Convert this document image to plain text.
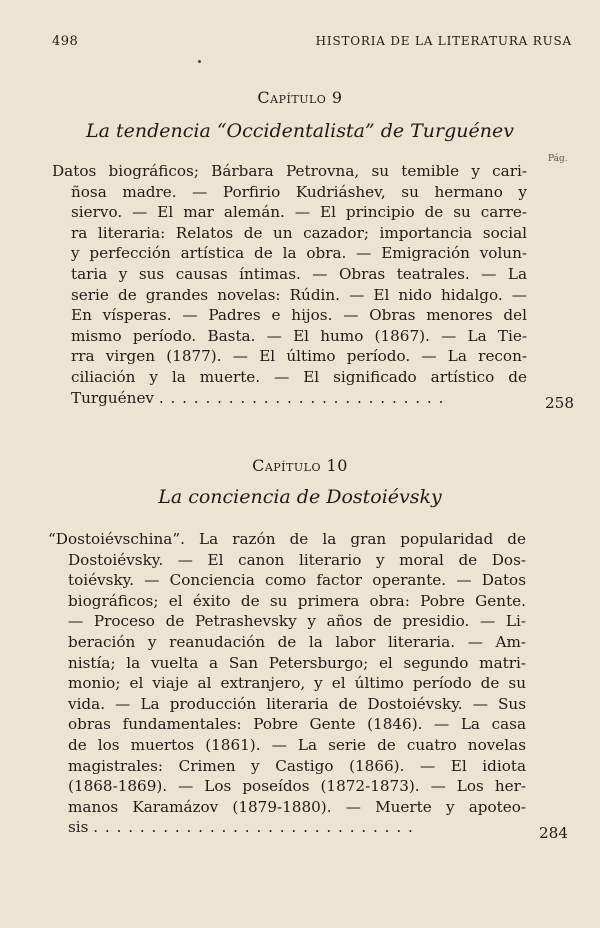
498	HISTORIA DE LA LITERATURA RUSA
Capítulo 9
La tendencia “Occidentalista” de Turguénev
Pág.
Datos biográficos; Bárbara Petrovna, su temible y cari-
ñosa madre. — Porfirio Kudriáshev, su hermano y
siervo. — El mar alemán. — El principio de su carre-
ra literaria: Relatos de un cazador; importancia social
y perfección artística de la obra. — Emigración volun-
taria y sus causas íntimas. — Obras teatrales. — La
serie de grandes novelas: Rúdin. — El nido hidalgo. —
En vísperas. — Padres e hijos. — Obras menores del
mismo período. Basta. — El humo (1867). — La Tie-
rra virgen (1877). — El último período. — La recon-
ciliación y la muerte. — El significado artístico de
Turguénev . . . . . . . . . . . . . . . . . . . . . . . . .	258
Capítulo 10
La conciencia de Dostoiévsky
“Dostoiévschina”. La razón de la gran popularidad de
Dostoiévsky. — El canon literario y moral de Dos-
toiévsky. — Conciencia como factor operante. — Datos
biográficos; el éxito de su primera obra: Pobre Gente.
— Proceso de Petrashevsky y años de presidio. — Li-
beración y reanudación de la labor literaria. — Am-
nistía; la vuelta a San Petersburgo; el segundo matri-
monio; el viaje al extranjero, y el último período de su
vida. — La producción literaria de Dostoiévsky. — Sus
obras fundamentales: Pobre Gente (1846). — La casa
de los muertos (1861). — La serie de cuatro novelas
magistrales: Crimen y Castigo (1866). — El idiota
(1868-1869). — Los poseídos (1872-1873). — Los her-
manos Karamázov (1879-1880). — Muerte y apoteo-
sis . . . . . . . . . . . . . . . . . . . . . . . . . . . .	284
